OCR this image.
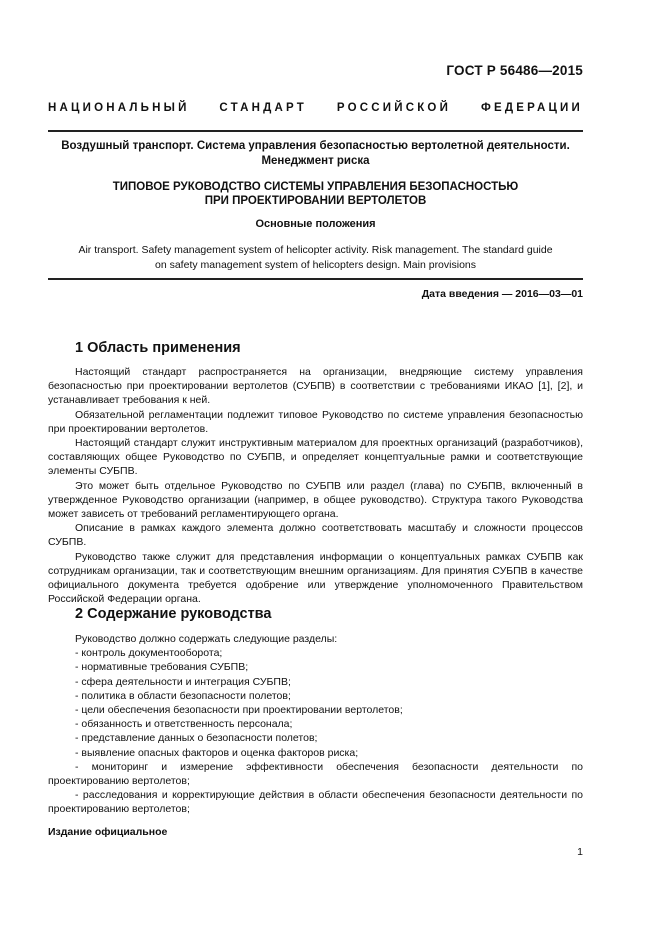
ГОСТ Р 56486—2015
НАЦИОНАЛЬНЫЙ СТАНДАРТ РОССИЙСКОЙ ФЕДЕРАЦИИ
Воздушный транспорт. Система управления безопасностью вертолетной деятельности.
Менеджмент риска
ТИПОВОЕ РУКОВОДСТВО СИСТЕМЫ УПРАВЛЕНИЯ БЕЗОПАСНОСТЬЮ
ПРИ ПРОЕКТИРОВАНИИ ВЕРТОЛЕТОВ
Основные положения
Air transport. Safety management system of helicopter activity. Risk management. The standard guide
on safety management system of helicopters design. Main provisions
Дата введения — 2016—03—01
1 Область применения

Настоящий стандарт распространяется на организации, внедряющие систему управления безопасностью при проектировании вертолетов (СУБПВ) в соответствии с требованиями ИКАО [1], [2], и устанавливает требования к ней.

Обязательной регламентации подлежит типовое Руководство по системе управления безопасностью при проектировании вертолетов.

Настоящий стандарт служит инструктивным материалом для проектных организаций (разработчиков), составляющих общее Руководство по СУБПВ, и определяет концептуальные рамки и соответствующие элементы СУБПВ.

Это может быть отдельное Руководство по СУБПВ или раздел (глава) по СУБПВ, включенный в утвержденное Руководство организации (например, в общее руководство). Структура такого Руководства может зависеть от требований регламентирующего органа.

Описание в рамках каждого элемента должно соответствовать масштабу и сложности процессов СУБПВ.

Руководство также служит для представления информации о концептуальных рамках СУБПВ как сотрудникам организации, так и соответствующим внешним организациям. Для принятия СУБПВ в качестве официального документа требуется одобрение или утверждение уполномоченного Правительством Российской Федерации органа.

2 Содержание руководства

Руководство должно содержать следующие разделы:

- контроль документооборота;

- нормативные требования СУБПВ;

- сфера деятельности и интеграция СУБПВ;

- политика в области безопасности полетов;

- цели обеспечения безопасности при проектировании вертолетов;

- обязанность и ответственность персонала;

- представление данных о безопасности полетов;

- выявление опасных факторов и оценка факторов риска;

- мониторинг и измерение эффективности обеспечения безопасности деятельности по проектированию вертолетов;

- расследования и корректирующие действия в области обеспечения безопасности деятельности по проектированию вертолетов;

Издание официальное
1
